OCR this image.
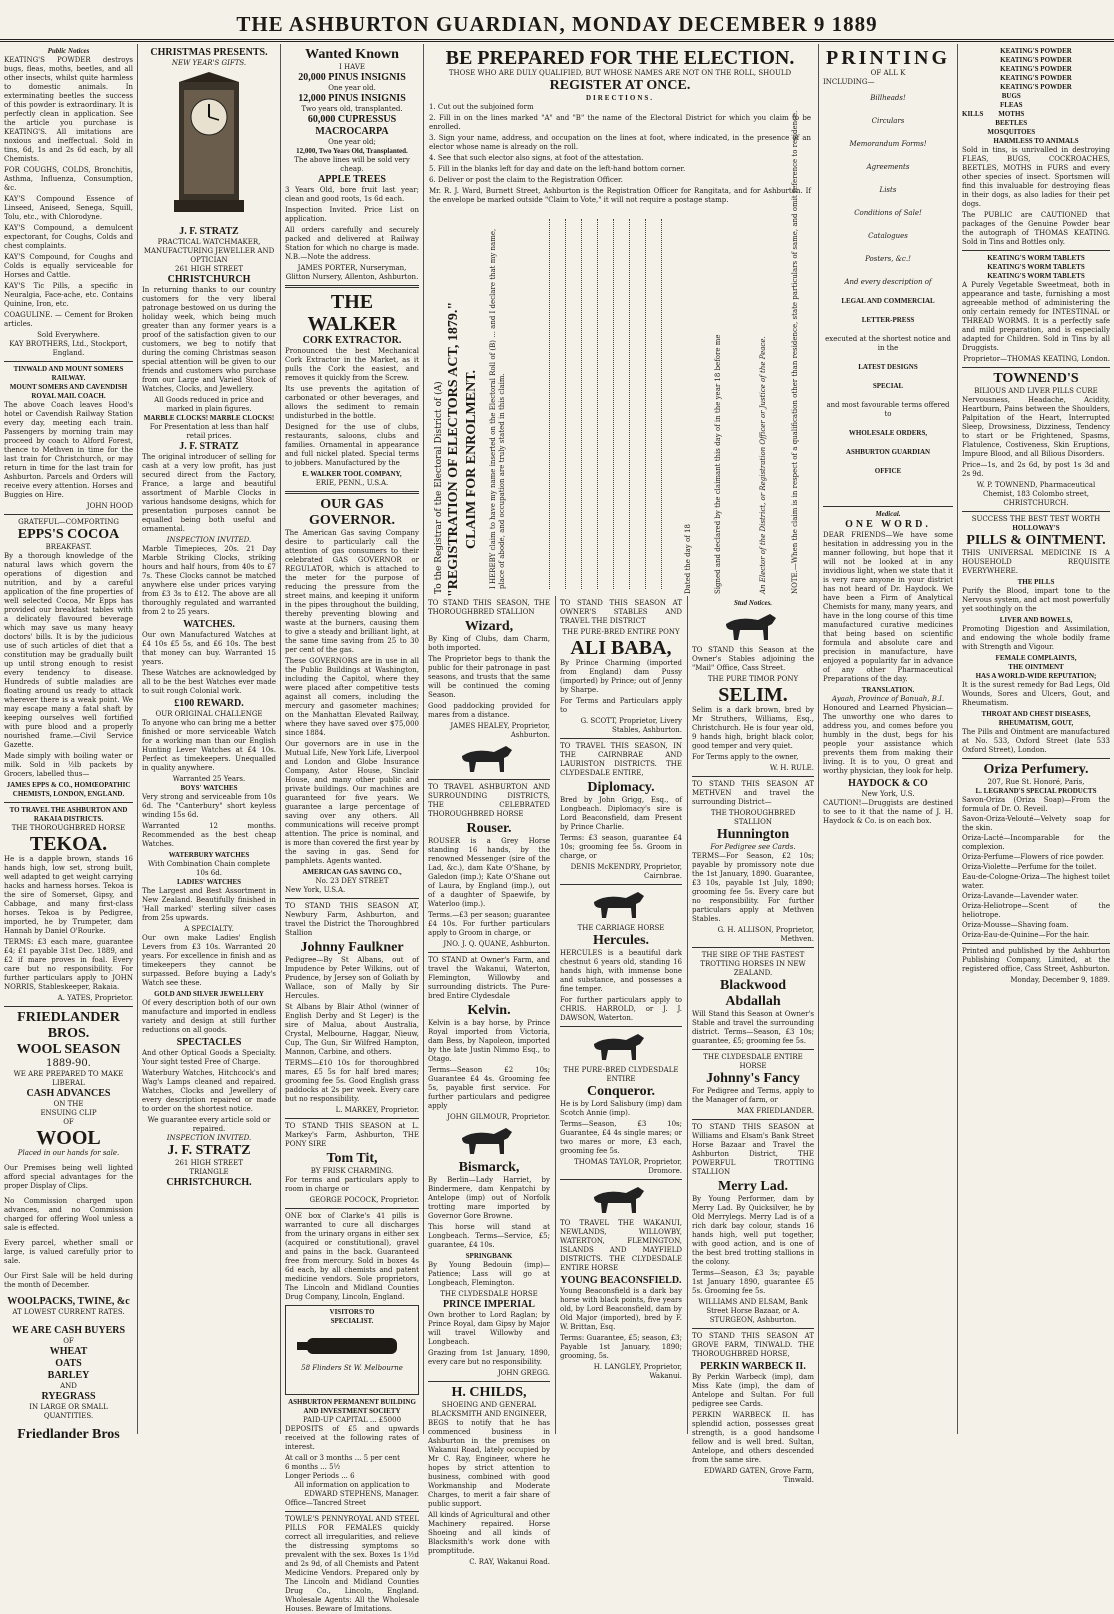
THE ASHBURTON GUARDIAN, MONDAY DECEMBER 9 1889
Public Notices
KEATING'S POWDER destroys bugs, fleas, moths, beetles, and all other insects, whilst quite harmless to domestic animals. In exterminating beetles the success of this powder is extraordinary. It is perfectly clean in application. See the article you purchase is KEATING'S. All imitations are noxious and ineffectual. Sold in tins, 6d, 1s and 2s 6d each, by all Chemists.
FOR COUGHS, COLDS, Bronchitis, Asthma, Influenza, Consumption, &c.
KAY'S Compound Essence of Linseed, Aniseed, Senega, Squill, Tolu, etc., with Chlorodyne.
KAY'S Compound, a demulcent expectorant, for Coughs, Colds and chest complaints.
KAY'S Compound, for Coughs and Colds is equally serviceable for Horses and Cattle.
KAY'S Tic Pills, a specific in Neuralgia, Face-ache, etc. Contains Quinine, Iron, etc.
COAGULINE. — Cement for Broken articles.
Sold Everywhere.
KAY BROTHERS, Ltd., Stockport, England.
TINWALD AND MOUNT SOMERS RAILWAY.
MOUNT SOMERS AND CAVENDISH ROYAL MAIL COACH.
The above Coach leaves Hood's hotel or Cavendish Railway Station every day, meeting each train. Passengers by morning train may proceed by coach to Alford Forest, thence to Methven in time for the last train for Christchurch, or may return in time for the last train for Ashburton. Parcels and Orders will receive every attention. Horses and Buggies on Hire.
JOHN HOOD
GRATEFUL—COMFORTING
EPPS'S COCOA
BREAKFAST.
By a thorough knowledge of the natural laws which govern the operations of digestion and nutrition, and by a careful application of the fine properties of well selected Cocoa, Mr Epps has provided our breakfast tables with a delicately flavoured beverage which may save us many heavy doctors' bills. It is by the judicious use of such articles of diet that a constitution may be gradually built up until strong enough to resist every tendency to disease. Hundreds of subtle maladies are floating around us ready to attack wherever there is a weak point. We may escape many a fatal shaft by keeping ourselves well fortified with pure blood and a properly nourished frame.—Civil Service Gazette.
Made simply with boiling water or milk. Sold in ½lb packets by Grocers, labelled thus—
JAMES EPPS & CO., HOMŒOPATHIC CHEMISTS, LONDON, ENGLAND.
TO TRAVEL THE ASHBURTON AND RAKAIA DISTRICTS.
THE THOROUGHBRED HORSE
TEKOA.
He is a dapple brown, stands 16 hands high, low set, strong built, well adapted to get weight carrying hacks and harness horses. Tekoa is the sire of Somerset, Gipsy, and Cabbage, and many first-class horses. Tekoa is by Pedigree, imported, he by Trumpeter, dam Hannah by Daniel O'Rourke.
TERMS: £3 each mare, guarantee £4; £1 payable 31st Dec. 1889, and £2 if mare proves in foal. Every care but no responsibility. For further particulars apply to JOHN NORRIS, Stableskeeper, Rakaia.
A. YATES, Proprietor.
FRIEDLANDER BROS.
WOOL SEASON
1889-90.
WE ARE PREPARED TO MAKE LIBERAL
CASH ADVANCES
ON THE
ENSUING CLIP
OF
WOOL
Placed in our hands for sale.
Our Premises being well lighted afford special advantages for the proper Display of Clips.
No Commission charged upon advances, and no Commission charged for offering Wool unless a sale is effected.
Every parcel, whether small or large, is valued carefully prior to sale.
Our First Sale will be held during the month of December.
WOOLPACKS, TWINE, &c
AT LOWEST CURRENT RATES.
WE ARE CASH BUYERS
OF
WHEAT
OATS
BARLEY
AND
RYEGRASS
IN LARGE OR SMALL QUANTITIES.
Friedlander Bros
CHRISTMAS PRESENTS.
NEW YEAR'S GIFTS.
J. F. STRATZ
PRACTICAL WATCHMAKER, MANUFACTURING JEWELLER AND OPTICIAN
261 HIGH STREET
CHRISTCHURCH
In returning thanks to our country customers for the very liberal patronage bestowed on us during the holiday week, which being much greater than any former years is a proof of the satisfaction given to our customers, we beg to notify that during the coming Christmas season special attention will be given to our friends and customers who purchase from our Large and Varied Stock of Watches, Clocks, and Jewellery.
All Goods reduced in price and marked in plain figures.
MARBLE CLOCKS! MARBLE CLOCKS!
For Presentation at less than half retail prices.
J. F. STRATZ
The original introducer of selling for cash at a very low profit, has just secured direct from the Factory, France, a large and beautiful assortment of Marble Clocks in various handsome designs, which for presentation purposes cannot be equalled being both useful and ornamental.
INSPECTION INVITED.
Marble Timepieces, 20s. 21 Day Marble Striking Clocks, striking hours and half hours, from 40s to £7 7s. These Clocks cannot be matched anywhere else under prices varying from £3 3s to £12. The above are all thoroughly regulated and warranted from 2 to 25 years.
WATCHES.
Our own Manufactured Watches at £4 10s £5 5s, and £6 10s. The best that money can buy. Warranted 15 years.
These Watches are acknowledged by all to be the best Watches ever made to suit rough Colonial work.
£100 REWARD.
OUR ORIGINAL CHALLENGE
To anyone who can bring me a better finished or more serviceable Watch for a working man than our English Hunting Lever Watches at £4 10s. Perfect as timekeepers. Unequalled in quality anywhere.
Warranted 25 Years.
BOYS' WATCHES
Very strong and serviceable from 10s 6d. The "Canterbury" short keyless winding 15s 6d.
Warranted 12 months. Recommended as the best cheap Watches.
WATERBURY WATCHES
With Combination Chain complete 10s 6d.
LADIES' WATCHES
The Largest and Best Assortment in New Zealand. Beautifully finished in 'Hall marked' sterling silver cases from 25s upwards.
A SPECIALTY.
Our own make Ladies' English Levers from £3 10s. Warranted 20 years. For excellence in finish and as timekeepers they cannot be surpassed. Before buying a Lady's Watch see these.
GOLD AND SILVER JEWELLERY
Of every description both of our own manufacture and imported in endless variety and design at still further reductions on all goods.
SPECTACLES
And other Optical Goods a Specialty. Your sight tested Free of Charge.
Waterbury Watches, Hitchcock's and Wag's Lamps cleaned and repaired. Watches, Clocks and Jewellery of every description repaired or made to order on the shortest notice.
We guarantee every article sold or repaired.
INSPECTION INVITED.
J. F. STRATZ
261 HIGH STREET
TRIANGLE
CHRISTCHURCH.
Wanted Known
I HAVE
20,000 PINUS INSIGNIS
One year old.
12,000 PINUS INSIGNIS
Two years old, transplanted.
60,000 CUPRESSUS MACROCARPA
One year old;
12,000, Two Years Old, Transplanted.
The above lines will be sold very cheap.
APPLE TREES
3 Years Old, bore fruit last year; clean and good roots, 1s 6d each.
Inspection Invited. Price List on application.
All orders carefully and securely packed and delivered at Railway Station for which no charge is made. N.B.—Note the address.
JAMES PORTER, Nurseryman, Glitton Nursery, Allenton, Ashburton.
THE WALKER
CORK EXTRACTOR.
Pronounced the best Mechanical Cork Extractor in the Market, as it pulls the Cork the easiest, and removes it quickly from the Screw.
Its use prevents the agitation of carbonated or other beverages, and allows the sediment to remain undisturbed in the bottle.
Designed for the use of clubs, restaurants, saloons, clubs and families. Ornamental in appearance and full nickel plated. Special terms to jobbers. Manufactured by the
E. WALKER TOOL COMPANY,
ERIE, PENN., U.S.A.
OUR GAS GOVERNOR.
The American Gas saving Company desire to particularly call the attention of gas consumers to their celebrated GAS GOVERNOR or REGULATOR, which is attached to the meter for the purpose of reducing the pressure from the street mains, and keeping it uniform in the pipes throughout the building, thereby preventing blowing and waste at the burners, causing them to give a steady and brilliant light, at the same time saving from 25 to 30 per cent of the gas.
These GOVERNORS are in use in all the Public Buildings at Washington, including the Capitol, where they were placed after competitive tests against all comers, including the mercury and gasometer machines; on the Manhattan Elevated Railway, where they have saved over $75,000 since 1884.
Our governors are in use in the Mutual Life, New York Life, Liverpool and London and Globe Insurance Company, Astor House, Sinclair House, and many other public and private buildings. Our machines are guaranteed for five years. We guarantee a large percentage of saving over any others. All communications will receive prompt attention. The price is nominal, and is more than covered the first year by the saving in gas. Send for pamphlets. Agents wanted.
AMERICAN GAS SAVING CO.,
No. 23 DEY STREET
New York, U.S.A.
TO STAND THIS SEASON AT, Newbury Farm, Ashburton, and travel the District the Thoroughbred Stallion
Johnny Faulkner
Pedigree—By St Albans, out of Impudence by Peter Wilkins, out of Prudence, by Jersey son of Goliath by Wallace, son of Mally by Sir Hercules.
St Albans by Blair Athol (winner of English Derby and St Leger) is the sire of Malua, about Australia, Crystal, Melbourne, Haggar, Nieuw, Cup, The Gun, Sir Wilfred Hampton, Mannon, Carbine, and others.
TERMS—£10 10s for thoroughbred mares, £5 5s for half bred mares; grooming fee 5s. Good English grass paddocks at 2s per week. Every care but no responsibility.
L. MARKEY, Proprietor.
TO STAND THIS SEASON at L. Markey's Farm, Ashburton, THE PONY SIRE
Tom Tit,
BY FRISK CHARMING.
For terms and particulars apply to room in charge or
GEORGE POCOCK, Proprietor.
ONE box of Clarke's 41 pills is warranted to cure all discharges from the urinary organs in either sex (acquired or constitutional), gravel and pains in the back. Guaranteed free from mercury. Sold in boxes 4s 6d each, by all chemists and patent medicine vendors. Sole proprietors, The Lincoln and Midland Counties Drug Company, Lincoln, England.
VISITORS TO
SPECIALIST.
58 Flinders St W. Melbourne
ASHBURTON PERMANENT BUILDING AND INVESTMENT SOCIETY
PAID-UP CAPITAL ... £5000
DEPOSITS of £5 and upwards received at the following rates of interest.
At call or 3 months ... 5 per cent
6 months ... 5½
Longer Periods ... 6
All information on application to
EDWARD STEPHENS, Manager.
Office—Tancred Street
TOWLE'S PENNYROYAL AND STEEL PILLS FOR FEMALES quickly correct all irregularities, and relieve the distressing symptoms so prevalent with the sex. Boxes 1s 1½d and 2s 9d, of all Chemists and Patent Medicine Vendors. Prepared only by The Lincoln and Midland Counties Drug Co., Lincoln, England. Wholesale Agents: All the Wholesale Houses. Beware of Imitations.
BE PREPARED FOR THE ELECTION.
THOSE WHO ARE DULY QUALIFIED, BUT WHOSE NAMES ARE NOT ON THE ROLL, SHOULD
REGISTER AT ONCE.
DIRECTIONS.
1. Cut out the subjoined form
2. Fill in on the lines marked "A" and "B" the name of the Electoral District for which you claim to be enrolled.
3. Sign your name, address, and occupation on the lines at foot, where indicated, in the presence of an elector whose name is already on the roll.
4. See that such elector also signs, at foot of the attestation.
5. Fill in the blanks left for day and date on the left-hand bottom corner.
6. Deliver or post the claim to the Registration Officer.
Mr. R. J. Ward, Burnett Street, Ashburton is the Registration Officer for Rangitata, and for Ashburton. If the envelope be marked outside "Claim to Vote," it will not require a postage stamp.
To the Registrar of the Electoral District of (A) "REGISTRATION OF ELECTORS ACT, 1879." CLAIM FOR ENROLMENT. I HEREBY claim to have my name inserted on the Electoral Roll of (B) ... and I declare that my name, place of abode, and occupation are truly stated in this claim.	Dated the day of 18	Signed and declared by the claimant this day of in the year 18 before me	An Elector of the District, or Registration Officer or Justice of the Peace.	NOTE.—When the claim is in respect of a qualification other than residence, state particulars of same, and omit reference to residence.
TO STAND THIS SEASON, THE THOROUGHBRED STALLION
Wizard,
By King of Clubs, dam Charm, both imported.
The Proprietor begs to thank the public for their patronage in past seasons, and trusts that the same will be continued the coming Season.
Good paddocking provided for mares from a distance.
JAMES HEALEY, Proprietor, Ashburton.
TO TRAVEL ASHBURTON AND SURROUNDING DISTRICTS, THE CELEBRATED THOROUGHBRED HORSE
Rouser.
ROUSER is a Grey Horse standing 16 hands, by the renowned Messenger (sire of the Lad, &c.), dam Kate O'Shane, by Galedon (imp.); Kate O'Shane out of Laura, by England (imp.), out of a daughter of Spaewife, by Waterloo (imp.).
Terms.—£3 per season; guarantee £4 10s. For further particulars apply to Groom in charge, or
JNO. J. Q. QUANE, Ashburton.
TO STAND at Owner's Farm, and travel the Wakanui, Waterton, Flemington, Willowby and surrounding districts. The Pure-bred Entire Clydesdale
Kelvin.
Kelvin is a bay horse, by Prince Royal imported from Victoria, dam Bess, by Napoleon, imported by the late Justin Nimmo Esq., to Otago.
Terms—Season £2 10s; Guarantee £4 4s. Grooming fee 5s, payable first service. For further particulars and pedigree apply
JOHN GILMOUR, Proprietor.
Bismarck,
By Berlin—Lady Harriet, by Bindermere, dam Kenpatchi by Antelope (imp) out of Norfolk trotting mare imported by Governor Gore Browne.
This horse will stand at Longbeach. Terms—Service, £5; guarantee, £4 10s.
SPRINGBANK
By Young Bedouin (imp)—Patience; Lass will go at Longbeach, Flemington.
THE CLYDESDALE HORSE
PRINCE IMPERIAL
Own brother to Lord Raglan; by Prince Royal, dam Gipsy by Major will travel Willowby and Longbeach.
Grazing from 1st January, 1890, every care but no responsibility.
JOHN GREGG.
H. CHILDS,
SHOEING AND GENERAL BLACKSMITH AND ENGINEER,
BEGS to notify that he has commenced business in Ashburton in the premises on Wakanui Road, lately occupied by Mr C. Ray, Engineer, where he hopes by strict attention to business, combined with good Workmanship and Moderate Charges, to merit a fair share of public support.
All kinds of Agricultural and other Machinery repaired. Horse Shoeing and all kinds of Blacksmith's work done with promptitude.
C. RAY, Wakanui Road.
TO STAND THIS SEASON AT OWNER'S STABLES AND TRAVEL THE DISTRICT
THE PURE-BRED ENTIRE PONY
ALI BABA,
By Prince Charming (imported from England) dam Pussy (imported) by Prince; out of Jenny by Sharpe.
For Terms and Particulars apply to
G. SCOTT, Proprietor, Livery Stables, Ashburton.
TO TRAVEL THIS SEASON, IN THE CAIRNBRAE AND LAURISTON DISTRICTS. THE CLYDESDALE ENTIRE,
Diplomacy.
Bred by John Grigg, Esq., of Longbeach. Diplomacy's sire is Lord Beaconsfield, dam Present by Prince Charlie.
Terms: £3 season, guarantee £4 10s; grooming fee 5s. Groom in charge, or
DENIS McKENDRY, Proprietor, Cairnbrae.
THE CARRIAGE HORSE
Hercules.
HERCULES is a beautiful dark chestnut 6 years old, standing 16 hands high, with immense bone and substance, and possesses a fine temper.
For further particulars apply to CHRIS. HARROLD, or J. J. DAWSON, Waterton.
THE PURE-BRED CLYDESDALE ENTIRE
Conqueror.
He is by Lord Salisbury (imp) dam Scotch Annie (imp).
Terms—Season, £3 10s; Guarantee, £4 4s single mares; or two mares or more, £3 each, grooming fee 5s.
THOMAS TAYLOR, Proprietor, Dromore.
TO TRAVEL THE WAKANUI, NEWLANDS, WILLOWBY, WATERTON, FLEMINGTON, ISLANDS AND MAYFIELD DISTRICTS. THE CLYDESDALE ENTIRE HORSE
YOUNG BEACONSFIELD.
Young Beaconsfield is a dark bay horse with black points, five years old, by Lord Beaconsfield, dam by Old Major (imported), bred by F. W. Brittan, Esq.
Terms: Guarantee, £5; season, £3; Payable 1st January, 1890; grooming, 5s.
H. LANGLEY, Proprietor, Wakanui.
Stud Notices.
TO STAND this Season at the Owner's Stables adjoining the "Mail" Office, Cass Street.
THE PURE TIMOR PONY
SELIM.
Selim is a dark brown, bred by Mr Struthers, Williams, Esq., Christchurch. He is four year old, 9 hands high, bright black color, good temper and very quiet.
For Terms apply to the owner,
W. H. RULE.
TO STAND THIS SEASON AT METHVEN and travel the surrounding District—
THE THOROUGHBRED STALLION
Hunnington
For Pedigree see Cards.
TERMS—For Season, £2 10s; payable by promissory note due the 1st January, 1890. Guarantee, £3 10s, payable 1st July, 1890; grooming fee 5s. Every care but no responsibility. For further particulars apply at Methven Stables.
G. H. ALLISON, Proprietor, Methven.
THE SIRE OF THE FASTEST TROTTING HORSES IN NEW ZEALAND.
Blackwood Abdallah
Will Stand this Season at Owner's Stable and travel the surrounding district. Terms—Season, £3 10s; guarantee, £5; grooming fee 5s.
THE CLYDESDALE ENTIRE HORSE
Johnny's Fancy
For Pedigree and Terms, apply to the Manager of farm, or
MAX FRIEDLANDER.
TO STAND THIS SEASON at Williams and Elsam's Bank Street Horse Bazaar and Travel the Ashburton District, THE POWERFUL TROTTING STALLION
Merry Lad.
By Young Performer, dam by Merry Lad. By Quicksilver, he by Old Merrylegs. Merry Lad is of a rich dark bay colour, stands 16 hands high, well put together, with good action, and is one of the best bred trotting stallions in the colony.
Terms—Season, £3 3s; payable 1st January 1890, guarantee £5 5s. Grooming fee 5s.
WILLIAMS AND ELSAM, Bank Street Horse Bazaar, or A. STURGEON, Ashburton.
TO STAND THIS SEASON AT GROVE FARM, TINWALD. THE THOROUGHBRED HORSE,
PERKIN WARBECK II.
By Perkin Warbeck (imp), dam Miss Kate (imp), the dam of Antelope and Sultan. For full pedigree see Cards.
PERKIN WARBECK II. has splendid action, possesses great strength, is a good handsome fellow and is well bred. Sultan, Antelope, and others descended from the same sire.
EDWARD GATEN, Grove Farm, Tinwald.
PRINTING
OF ALL K
INCLUDING—
Billheads!
Circulars
Memorandum Forms!
Agreements
Lists
Conditions of Sale!
Catalogues
Posters, &c.!
And every description of
LEGAL AND COMMERCIAL
LETTER-PRESS
executed at the shortest notice and in the
LATEST DESIGNS
SPECIAL
and most favourable terms offered to
WHOLESALE ORDERS,
ASHBURTON GUARDIAN
OFFICE
Medical.
ONE WORD.
DEAR FRIENDS—We have some hesitation in addressing you in the manner following, but hope that it will not be looked at in any invidious light, when we state that it is very rare anyone in your district has not heard of Dr. Haydock. We have been a Firm of Analytical Chemists for many, many years, and have in the long course of this time manufactured curative medicines that being based on scientific formula and absolute care and precision in manufacture, have enjoyed a popularity far in advance of any other Pharmaceutical Preparations of the day.
TRANSLATION.
Ayaah, Province of Banuah, B.I.
Honoured and Learned Physician—The unworthy one who dares to address you, and comes before you humbly in the dust, begs for his people your assistance which prevents them from making their living. It is to you, O great and worthy physician, they look for help.
HAYDOCK & CO
New York, U.S.
CAUTION!—Druggists are destined to see to it that the name of J. H. Haydock & Co. is on each box.
KEATING'S POWDER
KEATING'S POWDER
KEATING'S POWDER
KEATING'S POWDER
KEATING'S POWDER
KILLS
BUGS
FLEAS
MOTHS
BEETLES
MOSQUITOES
HARMLESS TO ANIMALS
Sold in tins, is unrivalled in destroying FLEAS, BUGS, COCKROACHES, BEETLES, MOTHS in FURS and every other species of insect. Sportsmen will find this invaluable for destroying fleas in their dogs, as also ladies for their pet dogs.
The PUBLIC are CAUTIONED that packages of the Genuine Powder bear the autograph of THOMAS KEATING. Sold in Tins and Bottles only.
KEATING'S WORM TABLETS
KEATING'S WORM TABLETS
KEATING'S WORM TABLETS
A Purely Vegetable Sweetmeat, both in appearance and taste, furnishing a most agreeable method of administering the only certain remedy for INTESTINAL or THREAD WORMS. It is a perfectly safe and mild preparation, and is especially adapted for Children. Sold in Tins by all Druggists.
Proprietor—THOMAS KEATING, London.
TOWNEND'S
BILIOUS AND LIVER PILLS CURE
Nervousness, Headache, Acidity, Heartburn, Pains between the Shoulders, Palpitation of the Heart, Interrupted Sleep, Drowsiness, Dizziness, Tendency to start or be Frightened, Spasms, Flatulence, Costiveness, Skin Eruptions, Impure Blood, and all Bilious Disorders.
Price—1s, and 2s 6d, by post 1s 3d and 2s 9d.
W. P. TOWNEND, Pharmaceutical Chemist, 183 Colombo street, CHRISTCHURCH.
SUCCESS THE BEST TEST WORTH
HOLLOWAY'S
PILLS & OINTMENT.
THIS UNIVERSAL MEDICINE IS A HOUSEHOLD REQUISITE EVERYWHERE.
THE PILLS
Purify the Blood, impart tone to the Nervous system, and act most powerfully yet soothingly on the
LIVER AND BOWELS,
Promoting Digestion and Assimilation, and endowing the whole bodily frame with Strength and Vigour.
FEMALE COMPLAINTS,
THE OINTMENT
HAS A WORLD-WIDE REPUTATION;
It is the surest remedy for Bad Legs, Old Wounds, Sores and Ulcers, Gout, and Rheumatism.
THROAT AND CHEST DISEASES,
RHEUMATISM, GOUT,
The Pills and Ointment are manufactured at No. 533, Oxford Street (late 533 Oxford Street), London.
Oriza Perfumery.
207, Rue St. Honoré, Paris,
L. LEGRAND'S SPECIAL PRODUCTS
Savon-Oriza (Oriza Soap)—From the formula of Dr. O. Reveil.
Savon-Oriza-Velouté—Velvety soap for the skin.
Oriza-Lacté—Incomparable for the complexion.
Oriza-Perfume—Flowers of rice powder.
Oriza-Violette—Perfume for the toilet.
Eau-de-Cologne-Oriza—The highest toilet water.
Oriza-Lavande—Lavender water.
Oriza-Heliotrope—Scent of the heliotrope.
Oriza-Mousse—Shaving foam.
Oriza-Eau-de-Quinine—For the hair.
Printed and published by the Ashburton Publishing Company, Limited, at the registered office, Cass Street, Ashburton.
Monday, December 9, 1889.
